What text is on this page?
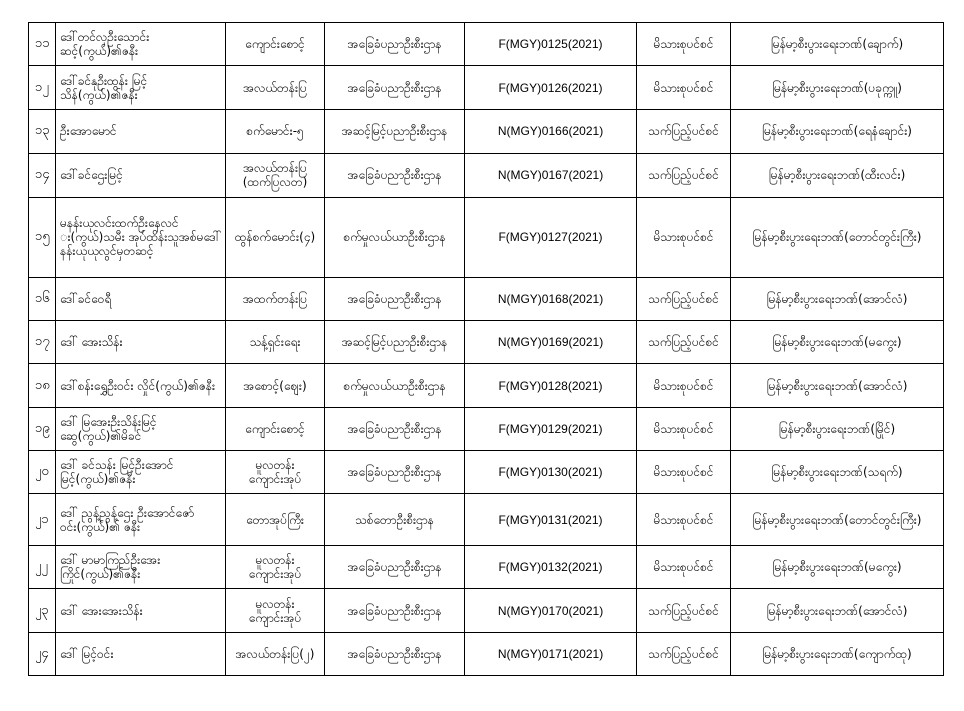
၁၁	ဒေါ်တင်လှဦးသောင်း ဆင့်(ကွယ်)၏ဇနီး	ကျောင်းစောင့်	အခြေခံပညာဦးစီးဌာန	F(MGY)0125(2021)	မိသားစုပင်စင်	မြန်မာ့စီးပွားရေးဘဏ်(ချောက်)
၁၂	ဒေါ်ခင်နုဦးထွန်း မြင့်သိန်(ကွယ်)၏ဇနီး	အလယ်တန်းပြ	အခြေခံပညာဦးစီးဌာန	F(MGY)0126(2021)	မိသားစုပင်စင်	မြန်မာ့စီးပွားရေးဘဏ်(ပခုက္ကူ)
၁၃	ဦးအောမောင်	စက်မောင်း-၅	အဆင့်မြင့်ပညာဦးစီးဌာန	N(MGY)0166(2021)	သက်ပြည့်ပင်စင်	မြန်မာ့စီးပွားရေးဘဏ်(ရေနံချောင်း)
၁၄	ဒေါ်ခင်ဌေးမြင့်	အလယ်တန်းပြ (ထက်ပြလတ)	အခြေခံပညာဦးစီးဌာန	N(MGY)0167(2021)	သက်ပြည့်ပင်စင်	မြန်မာ့စီးပွားရေးဘဏ်(ထီးလင်း)
၁၅	မနန်းယုလင်းထက်ဦးနေလင် း(ကွယ်)သမီး အုပ်ထိန်းသူအစ်မဒေါ် နန်းယုယုလွင်မှတဆင့်	ထွန်စက်မောင်း(၄)	စက်မှုလယ်ယာဦးစီးဌာန	F(MGY)0127(2021)	မိသားစုပင်စင်	မြန်မာ့စီးပွားရေးဘဏ်(တောင်တွင်းကြီး)
၁၆	ဒေါ်ခင်ဝေရီ	အထက်တန်းပြ	အခြေခံပညာဦးစီးဌာန	N(MGY)0168(2021)	သက်ပြည့်ပင်စင်	မြန်မာ့စီးပွားရေးဘဏ်(အောင်လံ)
၁၇	ဒေါ် အေးသိန်း	သန့်ရှင်းရေး	အဆင့်မြင့်ပညာဦးစီးဌာန	N(MGY)0169(2021)	သက်ပြည့်ပင်စင်	မြန်မာ့စီးပွားရေးဘဏ်(မကွေး)
၁၈	ဒေါ်စန်းရွှေဦးဝင်း လှိုင်(ကွယ်)၏ဇနီး	အစောင့်(ဈေး)	စက်မှုလယ်ယာဦးစီးဌာန	F(MGY)0128(2021)	မိသားစုပင်စင်	မြန်မာ့စီးပွားရေးဘဏ်(အောင်လံ)
၁၉	ဒေါ် မြအေးဦးသိန်းမြင့် ဆွေ(ကွယ်)၏မိခင်	ကျောင်းစောင့်	အခြေခံပညာဦးစီးဌာန	F(MGY)0129(2021)	မိသားစုပင်စင်	မြန်မာ့စီးပွားရေးဘဏ်(မြိုင်)
၂၀	ဒေါ် ခင်သန်း မြင့်ဦးအောင် မြင့်(ကွယ်)၏ဇနီး	မူလတန်း ကျောင်းအုပ်	အခြေခံပညာဦးစီးဌာန	F(MGY)0130(2021)	မိသားစုပင်စင်	မြန်မာ့စီးပွားရေးဘဏ်(သရက်)
၂၁	ဒေါ် ညွန့်ညွန့်ဌေး ဦးအောင်ဇော်ဝင်း(ကွယ်)၏ ဇနီး	တောအုပ်ကြီး	သစ်တောဦးစီးဌာန	F(MGY)0131(2021)	မိသားစုပင်စင်	မြန်မာ့စီးပွားရေးဘဏ်(တောင်တွင်းကြီး)
၂၂	ဒေါ် မာမာကြည်ဦးအေး ကြိုင်(ကွယ်)၏ဇနီး	မူလတန်း ကျောင်းအုပ်	အခြေခံပညာဦးစီးဌာန	F(MGY)0132(2021)	မိသားစုပင်စင်	မြန်မာ့စီးပွားရေးဘဏ်(မကွေး)
၂၃	ဒေါ် အေးအေးသိန်း	မူလတန်း ကျောင်းအုပ်	အခြေခံပညာဦးစီးဌာန	N(MGY)0170(2021)	သက်ပြည့်ပင်စင်	မြန်မာ့စီးပွားရေးဘဏ်(အောင်လံ)
၂၄	ဒေါ် မြင့်ဝင်း	အလယ်တန်းပြ(၂)	အခြေခံပညာဦးစီးဌာန	N(MGY)0171(2021)	သက်ပြည့်ပင်စင်	မြန်မာ့စီးပွားရေးဘဏ်(ကျောက်ထု)
